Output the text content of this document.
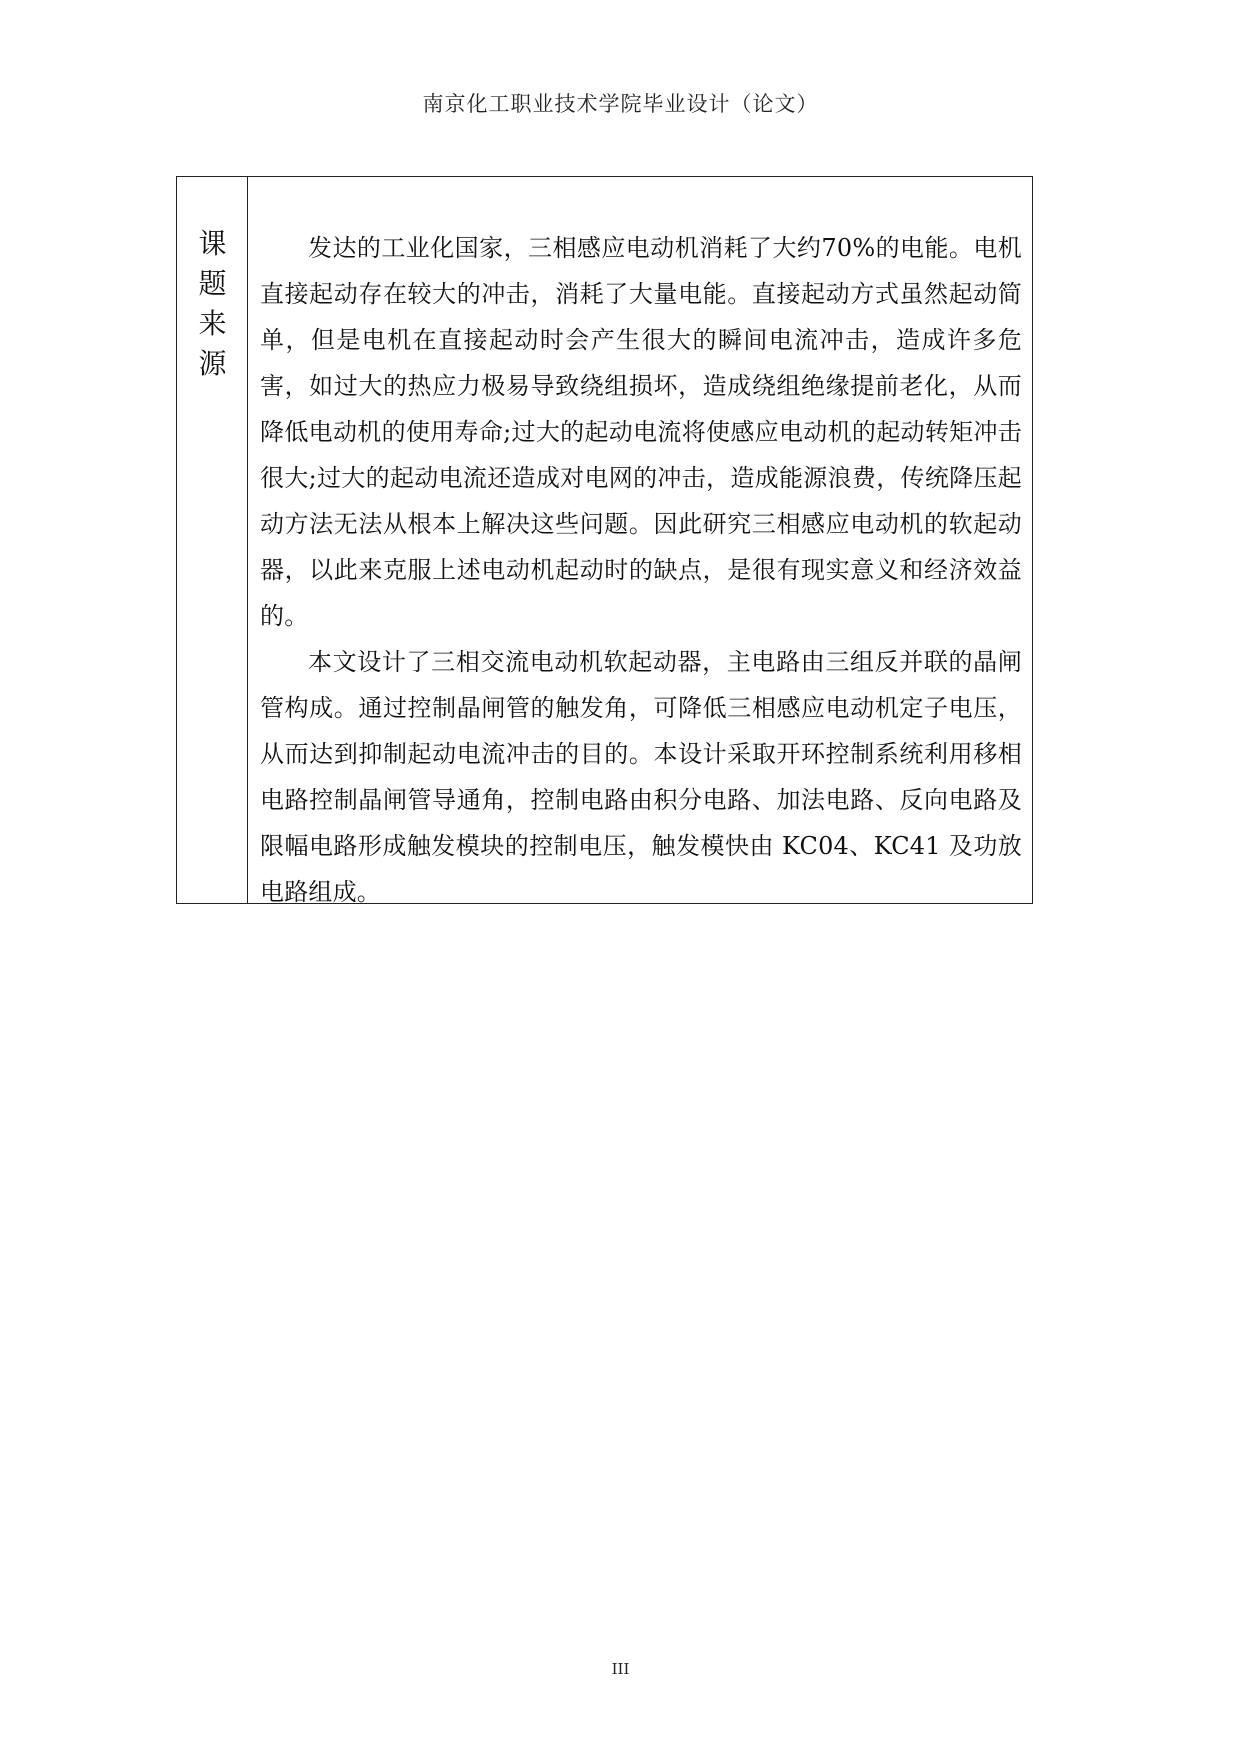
南京化工职业技术学院毕业设计（论文）
课
题
来
源

发达的工业化国家，三相感应电动机消耗了大约70%的电能。电机直接起动存在较大的冲击，消耗了大量电能。直接起动方式虽然起动简单，但是电机在直接起动时会产生很大的瞬间电流冲击，造成许多危害，如过大的热应力极易导致绕组损坏，造成绕组绝缘提前老化，从而降低电动机的使用寿命;过大的起动电流将使感应电动机的起动转矩冲击很大;过大的起动电流还造成对电网的冲击，造成能源浪费，传统降压起动方法无法从根本上解决这些问题。因此研究三相感应电动机的软起动器，以此来克服上述电动机起动时的缺点，是很有现实意义和经济效益的。

本文设计了三相交流电动机软起动器，主电路由三组反并联的晶闸管构成。通过控制晶闸管的触发角，可降低三相感应电动机定子电压，从而达到抑制起动电流冲击的目的。本设计采取开环控制系统利用移相电路控制晶闸管导通角，控制电路由积分电路、加法电路、反向电路及限幅电路形成触发模块的控制电压，触发模快由 KC04、KC41 及功放电路组成。

III
